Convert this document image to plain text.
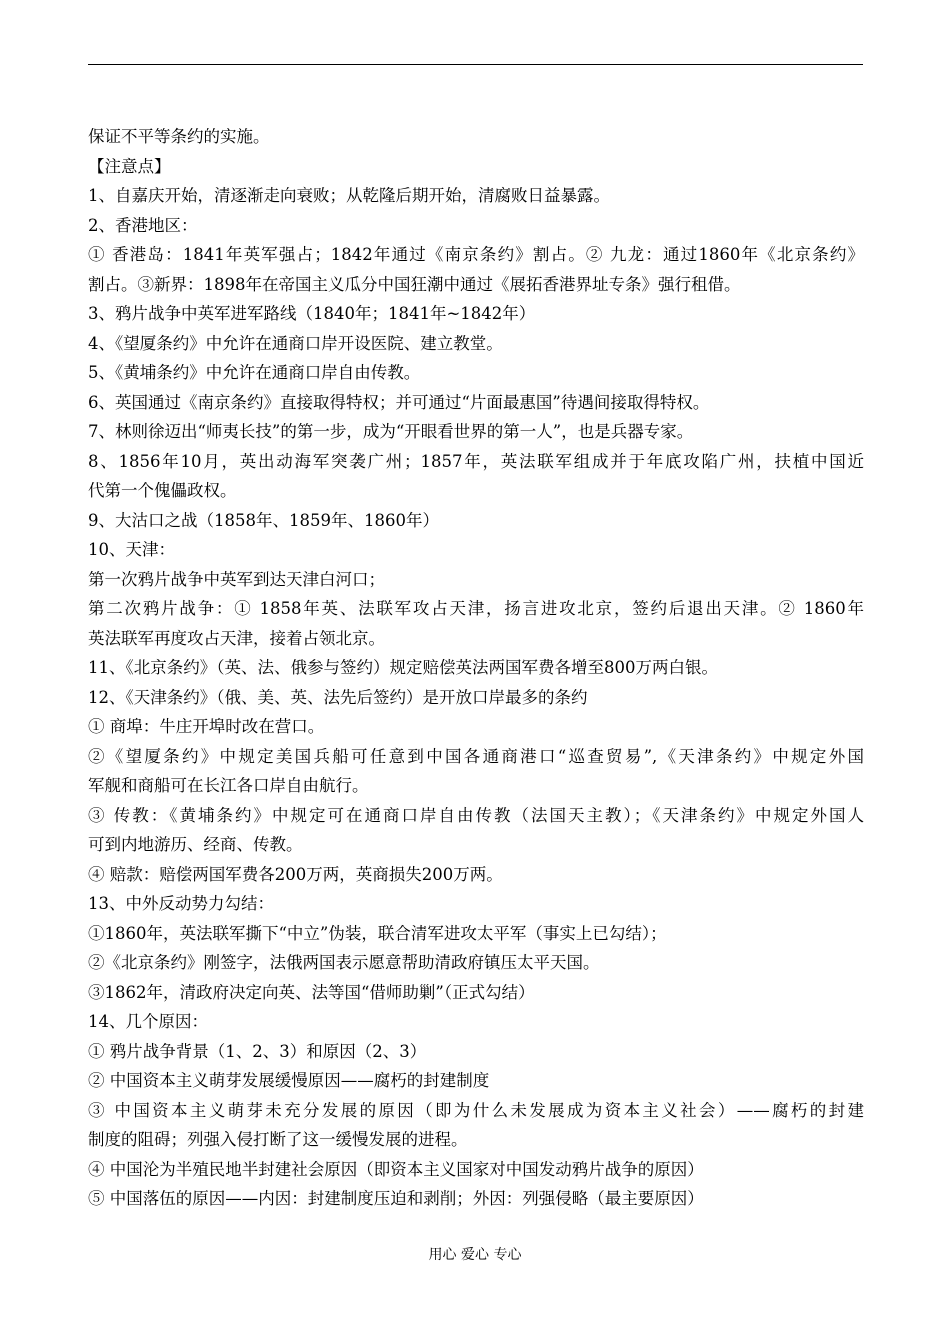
保证不平等条约的实施。
【注意点】
1、自嘉庆开始，清逐渐走向衰败；从乾隆后期开始，清腐败日益暴露。
2、香港地区：
① 香港岛：1841年英军强占；1842年通过《南京条约》割占。② 九龙：通过1860年《北京条约》
割占。③新界：1898年在帝国主义瓜分中国狂潮中通过《展拓香港界址专条》强行租借。
3、鸦片战争中英军进军路线（1840年；1841年~1842年）
4、《望厦条约》中允许在通商口岸开设医院、建立教堂。
5、《黄埔条约》中允许在通商口岸自由传教。
6、英国通过《南京条约》直接取得特权；并可通过“片面最惠国”待遇间接取得特权。
7、林则徐迈出“师夷长技”的第一步，成为“开眼看世界的第一人”，也是兵器专家。
8、1856年10月，英出动海军突袭广州；1857年，英法联军组成并于年底攻陷广州，扶植中国近
代第一个傀儡政权。
9、大沽口之战（1858年、1859年、1860年）
10、天津：
第一次鸦片战争中英军到达天津白河口；
第二次鸦片战争：① 1858年英、法联军攻占天津，扬言进攻北京，签约后退出天津。② 1860年
英法联军再度攻占天津，接着占领北京。
11、《北京条约》（英、法、俄参与签约）规定赔偿英法两国军费各增至800万两白银。
12、《天津条约》（俄、美、英、法先后签约）是开放口岸最多的条约
① 商埠：牛庄开埠时改在营口。
②《望厦条约》中规定美国兵船可任意到中国各通商港口“巡查贸易”,《天津条约》中规定外国
军舰和商船可在长江各口岸自由航行。
③ 传教：《黄埔条约》中规定可在通商口岸自由传教（法国天主教）；《天津条约》中规定外国人
可到内地游历、经商、传教。
④ 赔款：赔偿两国军费各200万两，英商损失200万两。
13、中外反动势力勾结：
①1860年，英法联军撕下“中立”伪装，联合清军进攻太平军（事实上已勾结）；
②《北京条约》刚签字，法俄两国表示愿意帮助清政府镇压太平天国。
③1862年，清政府决定向英、法等国“借师助剿”（正式勾结）
14、几个原因：
① 鸦片战争背景（1、2、3）和原因（2、3）
② 中国资本主义萌芽发展缓慢原因——腐朽的封建制度
③ 中国资本主义萌芽未充分发展的原因（即为什么未发展成为资本主义社会）——腐朽的封建
制度的阻碍；列强入侵打断了这一缓慢发展的进程。
④ 中国沦为半殖民地半封建社会原因（即资本主义国家对中国发动鸦片战争的原因）
⑤ 中国落伍的原因——内因：封建制度压迫和剥削；外因：列强侵略（最主要原因）
用心 爱心 专心
